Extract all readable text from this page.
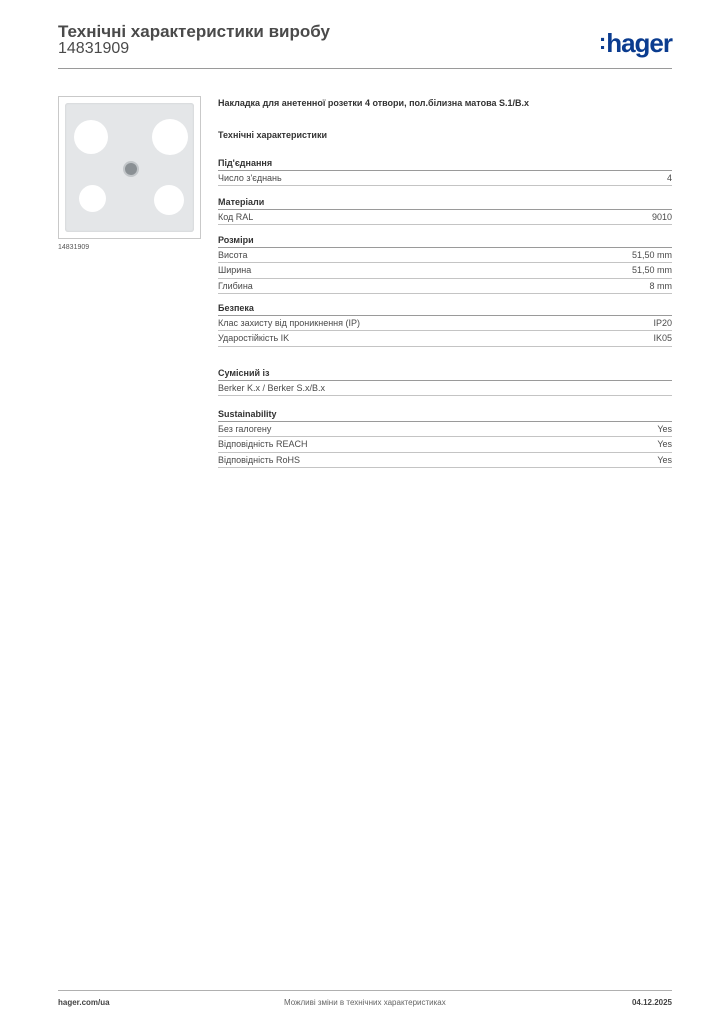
Технічні характеристики виробу
14831909	:hager
14831909
Накладка для анетенної розетки 4 отвори, пол.білизна матова S.1/B.x
Технічні характеристики
Під'єднання
Число з'єднань	4
Матеріали
Код RAL	9010
Розміри
Висота	51,50 mm
Ширина	51,50 mm
Глибина	8 mm
Безпека
Клас захисту від проникнення (IP)	IP20
Ударостійкість IK	IK05
Сумісний із
Berker K.x / Berker S.x/B.x
Sustainability
Без галогену	Yes
Відповідність REACH	Yes
Відповідність RoHS	Yes
hager.com/ua	Можливі зміни в технічних характеристиках	04.12.2025
